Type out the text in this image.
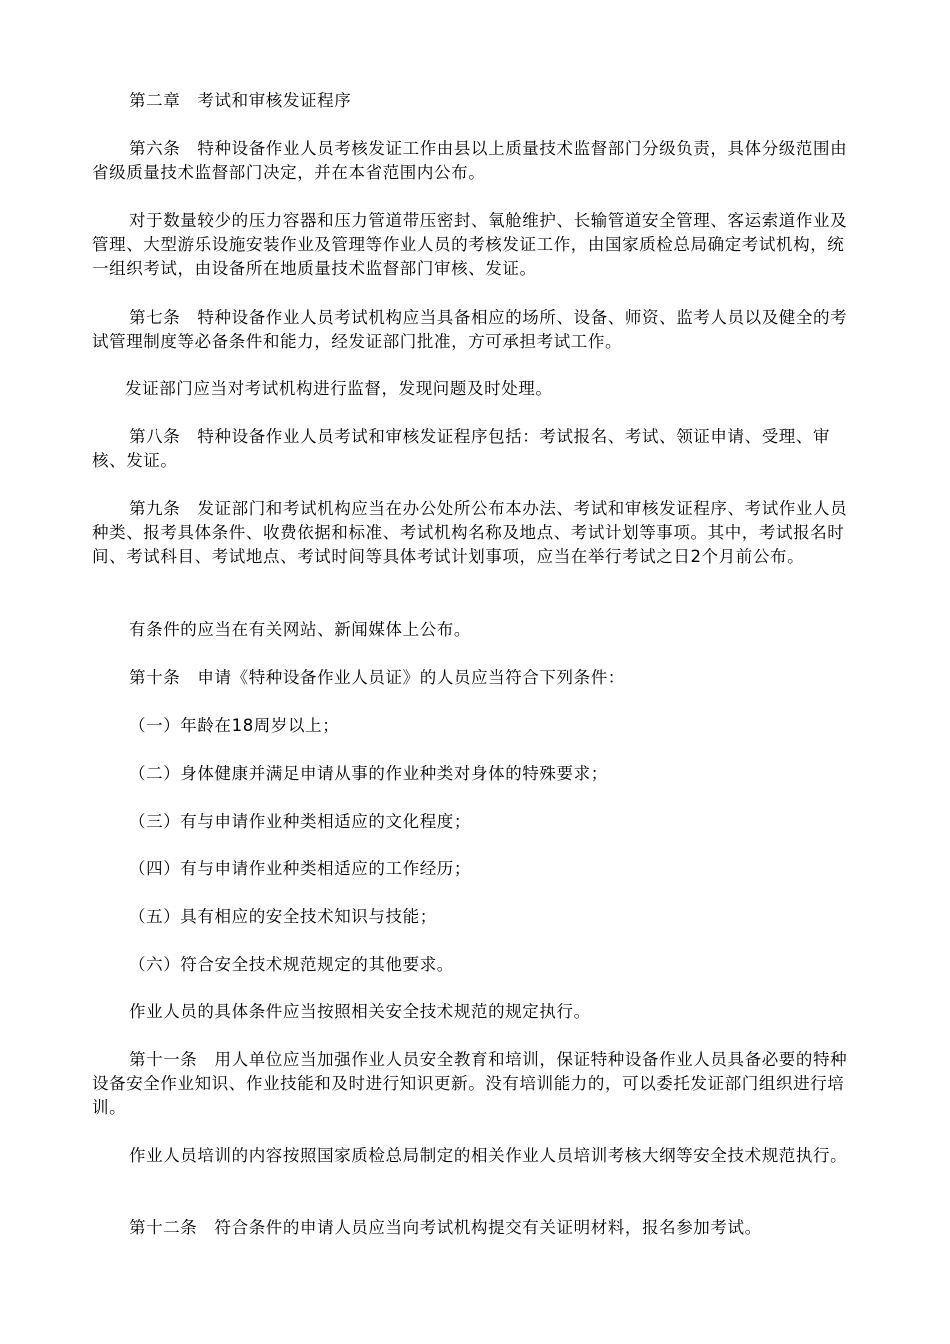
第二章　考试和审核发证程序

第六条　特种设备作业人员考核发证工作由县以上质量技术监督部门分级负责，具体分级范围由省级质量技术监督部门决定，并在本省范围内公布。

对于数量较少的压力容器和压力管道带压密封、氧舱维护、长输管道安全管理、客运索道作业及管理、大型游乐设施安装作业及管理等作业人员的考核发证工作，由国家质检总局确定考试机构，统一组织考试，由设备所在地质量技术监督部门审核、发证。

第七条　特种设备作业人员考试机构应当具备相应的场所、设备、师资、监考人员以及健全的考试管理制度等必备条件和能力，经发证部门批准，方可承担考试工作。

发证部门应当对考试机构进行监督，发现问题及时处理。

第八条　特种设备作业人员考试和审核发证程序包括：考试报名、考试、领证申请、受理、审核、发证。

第九条　发证部门和考试机构应当在办公处所公布本办法、考试和审核发证程序、考试作业人员种类、报考具体条件、收费依据和标准、考试机构名称及地点、考试计划等事项。其中，考试报名时间、考试科目、考试地点、考试时间等具体考试计划事项，应当在举行考试之日2个月前公布。

有条件的应当在有关网站、新闻媒体上公布。

第十条　申请《特种设备作业人员证》的人员应当符合下列条件：

（一）年龄在18周岁以上；

（二）身体健康并满足申请从事的作业种类对身体的特殊要求；

（三）有与申请作业种类相适应的文化程度；

（四）有与申请作业种类相适应的工作经历；

（五）具有相应的安全技术知识与技能；

（六）符合安全技术规范规定的其他要求。

作业人员的具体条件应当按照相关安全技术规范的规定执行。

第十一条　用人单位应当加强作业人员安全教育和培训，保证特种设备作业人员具备必要的特种设备安全作业知识、作业技能和及时进行知识更新。没有培训能力的，可以委托发证部门组织进行培训。

作业人员培训的内容按照国家质检总局制定的相关作业人员培训考核大纲等安全技术规范执行。

第十二条　符合条件的申请人员应当向考试机构提交有关证明材料，报名参加考试。
